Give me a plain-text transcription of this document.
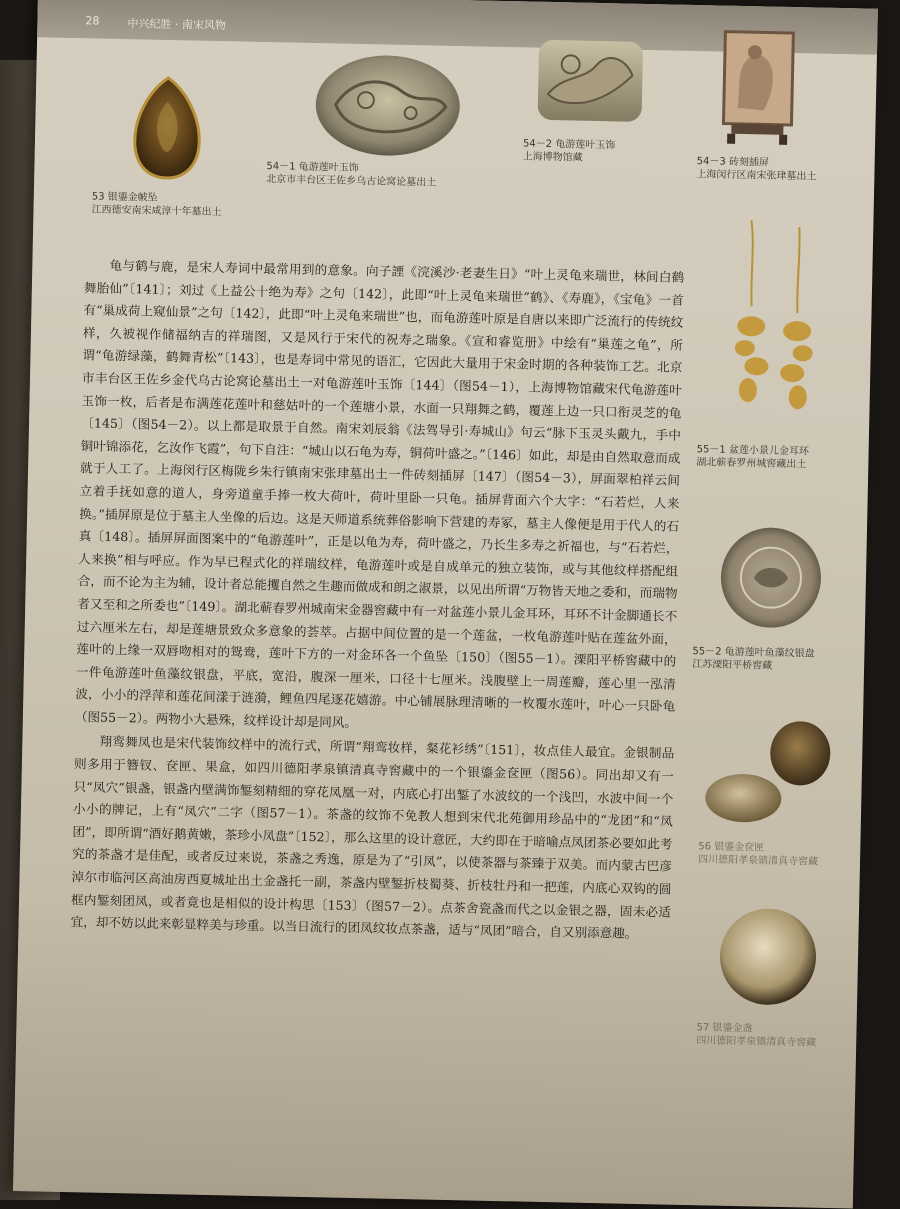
28	中兴纪胜 · 南宋风物
53 银鎏金帔坠
江西德安南宋咸淳十年墓出土
54－1 龟游莲叶玉饰
北京市丰台区王佐乡乌古论窝论墓出土
54－2 龟游莲叶玉饰
上海博物馆藏	54－3 砖刻插屏
上海闵行区南宋张珒墓出土
55－1 盆莲小景儿金耳环
湖北蕲春罗州城窖藏出土
55－2 龟游莲叶鱼藻纹银盘
江苏溧阳平桥窖藏
56 银鎏金奁匣
四川德阳孝泉镇清真寺窖藏
57 银鎏金盏
四川德阳孝泉镇清真寺窖藏

龟与鹤与鹿，是宋人寿词中最常用到的意象。向子諲《浣溪沙·老妻生日》“叶上灵龟来瑞世，林间白鹤舞胎仙”〔141〕；刘过《上益公十绝为寿》之句〔142〕，此即“叶上灵龟来瑞世”鹤》、《寿鹿》，《宝龟》一首有“巢成荷上窥仙景”之句〔142〕，此即“叶上灵龟来瑞世”也，而龟游莲叶原是自唐以来即广泛流行的传统纹样，久被视作储福纳吉的祥瑞图，又是风行于宋代的祝寿之瑞象。《宣和睿览册》中绘有“巢莲之龟”，所谓“龟游绿藻，鹤舞青松”〔143〕，也是寿词中常见的语汇，它因此大量用于宋金时期的各种装饰工艺。北京市丰台区王佐乡金代乌古论窝论墓出土一对龟游莲叶玉饰〔144〕（图54－1），上海博物馆藏宋代龟游莲叶玉饰一枚，后者是布满莲花莲叶和慈姑叶的一个莲塘小景，水面一只翔舞之鹤，覆莲上边一只口衔灵芝的龟〔145〕（图54－2）。以上都是取景于自然。南宋刘辰翁《法驾导引·寿城山》句云“脉下玉灵头戴九，手中铜叶锦添花，乞汝作飞霞”，句下自注：“城山以石龟为寿，铜荷叶盛之。”〔146〕如此，却是由自然取意而成就于人工了。上海闵行区梅陇乡朱行镇南宋张珒墓出土一件砖刻插屏〔147〕（图54－3），屏面翠柏祥云间立着手抚如意的道人，身旁道童手捧一枚大荷叶，荷叶里卧一只龟。插屏背面六个大字：“石若烂，人来换。”插屏原是位于墓主人坐像的后边。这是天师道系统葬俗影响下营建的寿冢，墓主人像便是用于代人的石真〔148〕。插屏屏面图案中的“龟游莲叶”，正是以龟为寿，荷叶盛之，乃长生多寿之祈福也，与“石若烂，人来换”相与呼应。作为早已程式化的祥瑞纹样，龟游莲叶或是自成单元的独立装饰，或与其他纹样搭配组合，而不论为主为辅，设计者总能攫自然之生趣而做成和朗之淑景，以见出所谓“万物皆天地之委和，而瑞物者又至和之所委也”〔149〕。湖北蕲春罗州城南宋金器窖藏中有一对盆莲小景儿金耳环，耳环不计金脚通长不过六厘米左右，却是莲塘景致众多意象的荟萃。占据中间位置的是一个莲盆，一枚龟游莲叶贴在莲盆外面，莲叶的上缘一双唇吻相对的鸳鸯，莲叶下方的一对金环各一个鱼坠〔150〕（图55－1）。溧阳平桥窖藏中的一件龟游莲叶鱼藻纹银盘，平底，宽沿，腹深一厘米，口径十七厘米。浅腹壁上一周莲瓣，莲心里一泓清波，小小的浮萍和莲花间漾于涟漪，鲤鱼四尾逐花嬉游。中心铺展脉理清晰的一枚覆水莲叶，叶心一只卧龟（图55－2）。两物小大悬殊，纹样设计却是同风。

翔鸾舞凤也是宋代装饰纹样中的流行式，所谓“翔鸾妆样，粲花衫绣”〔151〕，妆点佳人最宜。金银制品则多用于簪钗、奁匣、果盒，如四川德阳孝泉镇清真寺窖藏中的一个银鎏金奁匣（图56）。同出却又有一只“凤穴”银盏，银盏内壁满饰錾刻精细的穿花凤凰一对，内底心打出錾了水波纹的一个浅凹，水波中间一个小小的牌记，上有“凤穴”二字（图57－1）。茶盏的纹饰不免教人想到宋代北苑御用珍品中的“龙团”和“凤团”，即所谓“酒好鹅黄嫩，茶珍小凤盘”〔152〕，那么这里的设计意匠，大约即在于暗喻点凤团茶必要如此考究的茶盏才是佳配，或者反过来说，茶盏之秀逸，原是为了“引凤”，以使茶器与茶臻于双美。而内蒙古巴彦淖尔市临河区高油房西夏城址出土金盏托一副，茶盏内壁錾折枝蜀葵、折枝牡丹和一把莲，内底心双钩的圆框内錾刻团凤，或者竟也是相似的设计构思〔153〕（图57－2）。点茶舍瓷盏而代之以金银之器，固未必适宜，却不妨以此来彰显粹美与珍重。以当日流行的团凤纹妆点茶盏，适与“凤团”暗合，自又别添意趣。
